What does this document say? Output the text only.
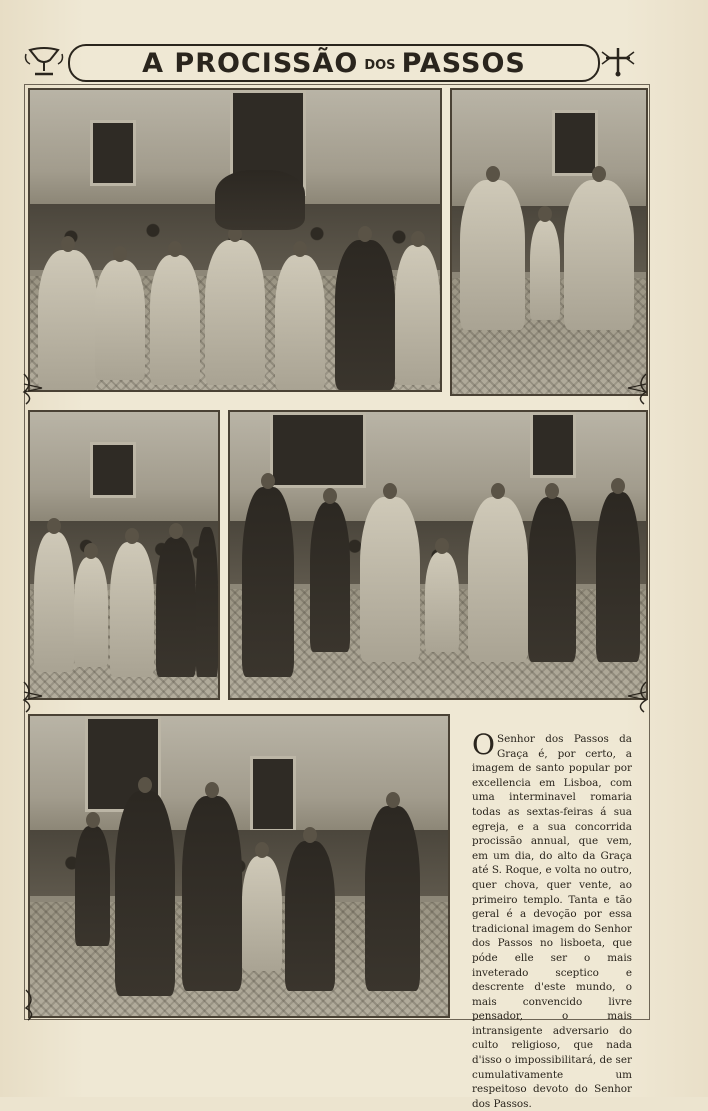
A PROCISSÃO DOS PASSOS

O Senhor dos Passos da Graça é, por certo, a imagem de santo popular por excellencia em Lisboa, com uma interminavel romaria todas as sextas-feiras á sua egreja, e a sua concorrida procissão annual, que vem, em um dia, do alto da Graça até S. Roque, e volta no outro, quer chova, quer vente, ao primeiro templo. Tanta e tão geral é a devoção por essa tradicional imagem do Senhor dos Passos no lisboeta, que póde elle ser o mais inveterado sceptico e descrente d'este mundo, o mais convencido livre pensador, o mais intransigente adversario do culto religioso, que nada d'isso o impossibilitará, de ser cumulativamente um respeitoso devoto do Senhor dos Passos.
